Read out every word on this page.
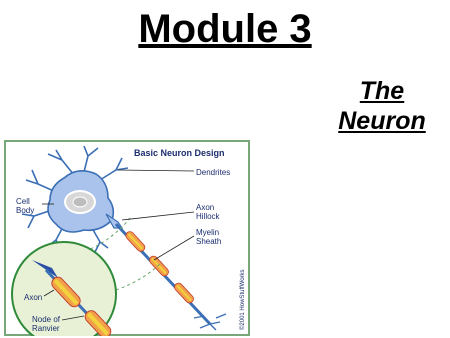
Module 3
The
Neuron
Basic Neuron Design
Dendrites
Cell
Body	Axon
Hillock
Myelin
Sheath
Axon
Node of
Ranvier	©2001 HowStuffWorks
